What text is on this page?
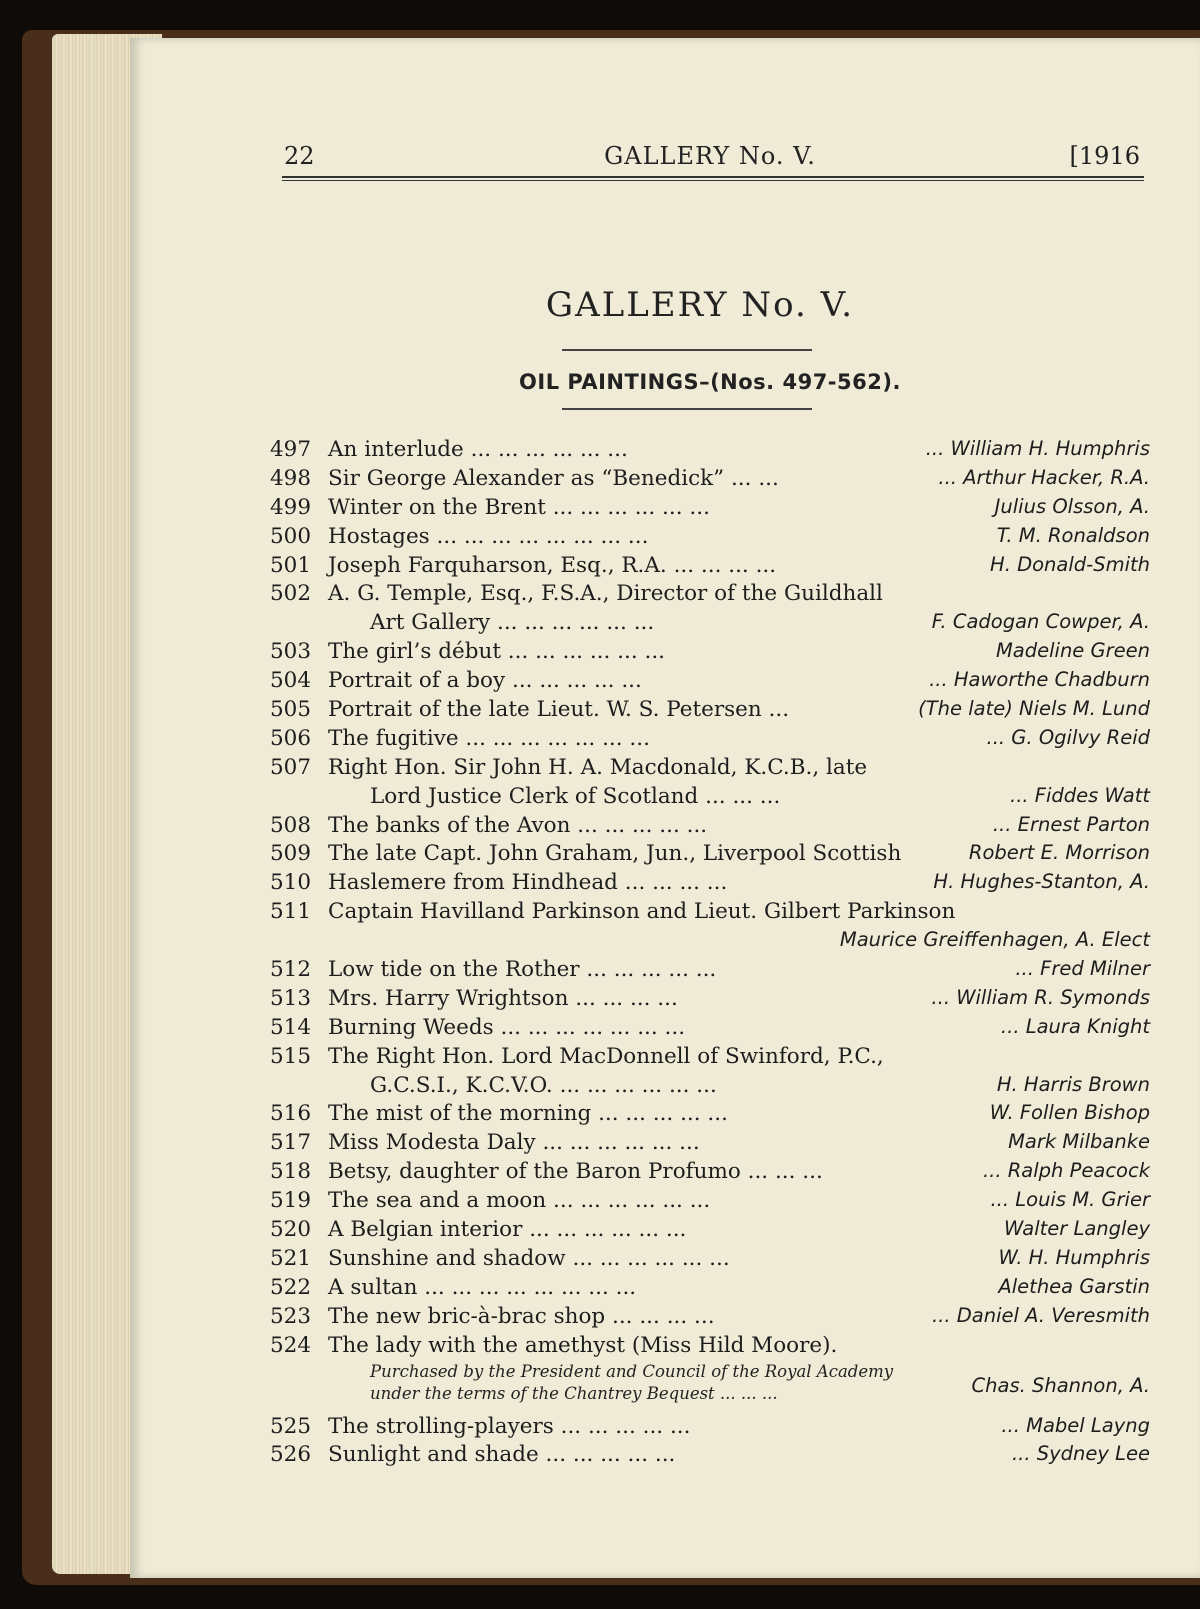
22	GALLERY No. V.	[1916
GALLERY No. V.
OIL PAINTINGS–(Nos. 497-562).
497 An interlude ... ... ... ... ... ...	... William H. Humphris
498 Sir George Alexander as “Benedick” ... ...	... Arthur Hacker, R.A.
499 Winter on the Brent ... ... ... ... ... ...	Julius Olsson, A.
500 Hostages ... ... ... ... ... ... ... ...	T. M. Ronaldson
501 Joseph Farquharson, Esq., R.A. ... ... ... ...	H. Donald-Smith
502 A. G. Temple, Esq., F.S.A., Director of the Guildhall
Art Gallery ... ... ... ... ... ...	F. Cadogan Cowper, A.
503 The girl’s début ... ... ... ... ... ...	Madeline Green
504 Portrait of a boy ... ... ... ... ...	... Haworthe Chadburn
505 Portrait of the late Lieut. W. S. Petersen ...	(The late) Niels M. Lund
506 The fugitive ... ... ... ... ... ... ...	... G. Ogilvy Reid
507 Right Hon. Sir John H. A. Macdonald, K.C.B., late
Lord Justice Clerk of Scotland ... ... ...	... Fiddes Watt
508 The banks of the Avon ... ... ... ... ...	... Ernest Parton
509 The late Capt. John Graham, Jun., Liverpool Scottish	Robert E. Morrison
510 Haslemere from Hindhead ... ... ... ...	H. Hughes-Stanton, A.
511 Captain Havilland Parkinson and Lieut. Gilbert Parkinson
Maurice Greiffenhagen, A. Elect
512 Low tide on the Rother ... ... ... ... ...	... Fred Milner
513 Mrs. Harry Wrightson ... ... ... ...	... William R. Symonds
514 Burning Weeds ... ... ... ... ... ... ...	... Laura Knight
515 The Right Hon. Lord MacDonnell of Swinford, P.C.,
G.C.S.I., K.C.V.O. ... ... ... ... ... ...	H. Harris Brown
516 The mist of the morning ... ... ... ... ...	W. Follen Bishop
517 Miss Modesta Daly ... ... ... ... ... ...	Mark Milbanke
518 Betsy, daughter of the Baron Profumo ... ... ...	... Ralph Peacock
519 The sea and a moon ... ... ... ... ... ...	... Louis M. Grier
520 A Belgian interior ... ... ... ... ... ...	Walter Langley
521 Sunshine and shadow ... ... ... ... ... ...	W. H. Humphris
522 A sultan ... ... ... ... ... ... ... ...	Alethea Garstin
523 The new bric-à-brac shop ... ... ... ...	... Daniel A. Veresmith
524 The lady with the amethyst (Miss Hild Moore).
Purchased by the President and Council of the Royal Academy
under the terms of the Chantrey Bequest ... ... ...	Chas. Shannon, A.
525 The strolling-players ... ... ... ... ...	... Mabel Layng
526 Sunlight and shade ... ... ... ... ...	... Sydney Lee
